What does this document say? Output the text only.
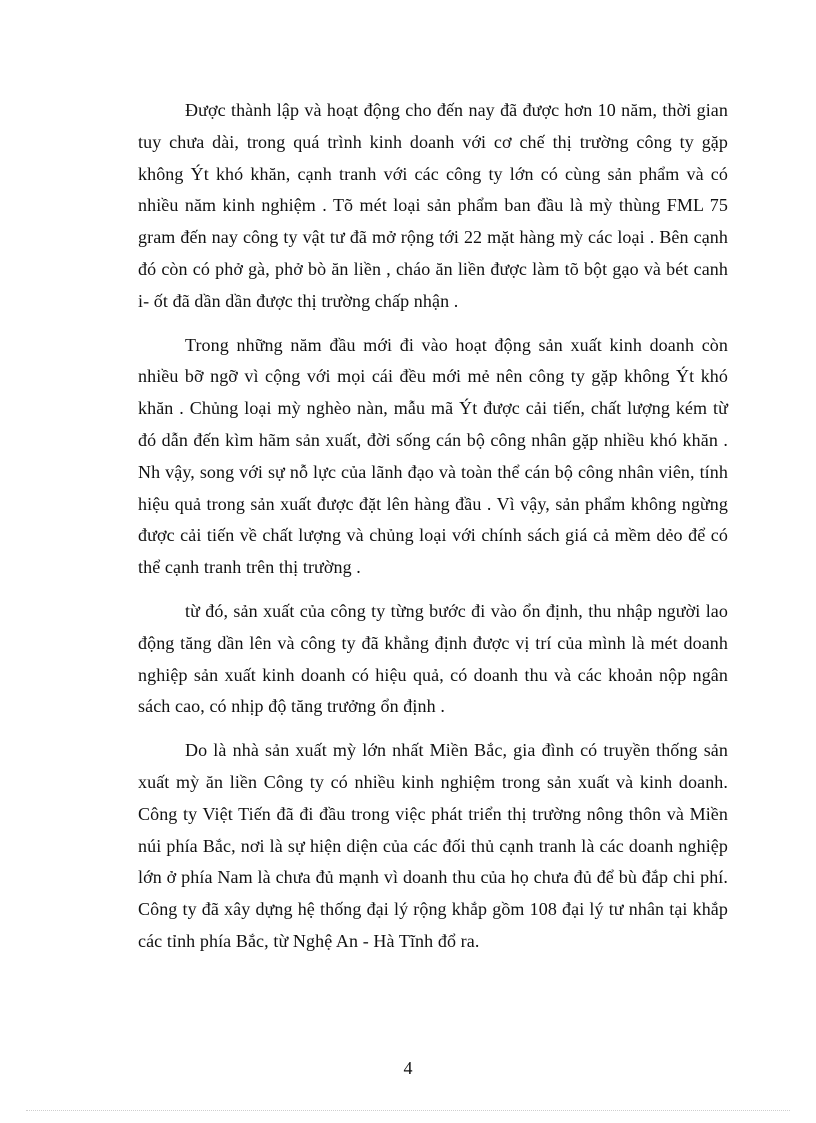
Được thành lập và hoạt động cho đến nay đã được hơn 10 năm, thời gian tuy chưa dài, trong quá trình kinh doanh với cơ chế thị trường công ty gặp không Ýt khó khăn, cạnh tranh với các công ty lớn có cùng sản phẩm và có nhiều năm kinh nghiệm . Tõ mét loại sản phẩm ban đầu là mỳ thùng FML 75 gram đến nay công ty vật tư đã mở rộng tới 22 mặt hàng mỳ các loại . Bên cạnh đó còn có phở gà, phở bò ăn liền , cháo ăn liền được làm tõ bột gạo và bét canh i- ốt đã dần dần được thị trường chấp nhận .

Trong những năm đầu mới đi vào hoạt động sản xuất kinh doanh còn nhiều bỡ ngỡ vì cộng với mọi cái đều mới mẻ nên công ty gặp không Ýt khó khăn . Chủng loại mỳ nghèo nàn, mẫu mã Ýt được cải tiến, chất lượng kém từ đó dẫn đến kìm hãm sản xuất, đời sống cán bộ công nhân gặp nhiều khó khăn . Nh vậy, song với sự nỗ lực của lãnh đạo và toàn thể cán bộ công nhân viên, tính hiệu quả trong sản xuất được đặt lên hàng đầu . Vì vậy, sản phẩm không ngừng được cải tiến về chất lượng và chủng loại với chính sách giá cả mềm dẻo để có thể cạnh tranh trên thị trường .

từ đó, sản xuất của công ty từng bước đi vào ổn định, thu nhập người lao động tăng dần lên và công ty đã khẳng định được vị trí của mình là mét doanh nghiệp sản xuất kinh doanh có hiệu quả, có doanh thu và các khoản nộp ngân sách cao, có nhịp độ tăng trưởng ổn định .

Do là nhà sản xuất mỳ lớn nhất Miền Bắc, gia đình có truyền thống sản xuất mỳ ăn liền Công ty có nhiều kinh nghiệm trong sản xuất và kinh doanh. Công ty Việt Tiến đã đi đầu trong việc phát triển thị trường nông thôn và Miền núi phía Bắc, nơi là sự hiện diện của các đối thủ cạnh tranh là các doanh nghiệp lớn ở phía Nam là chưa đủ mạnh vì doanh thu của họ chưa đủ để bù đắp chi phí. Công ty đã xây dựng hệ thống đại lý rộng khắp gồm 108 đại lý tư nhân tại khắp các tỉnh phía Bắc, từ Nghệ An - Hà Tĩnh đổ ra.

4
